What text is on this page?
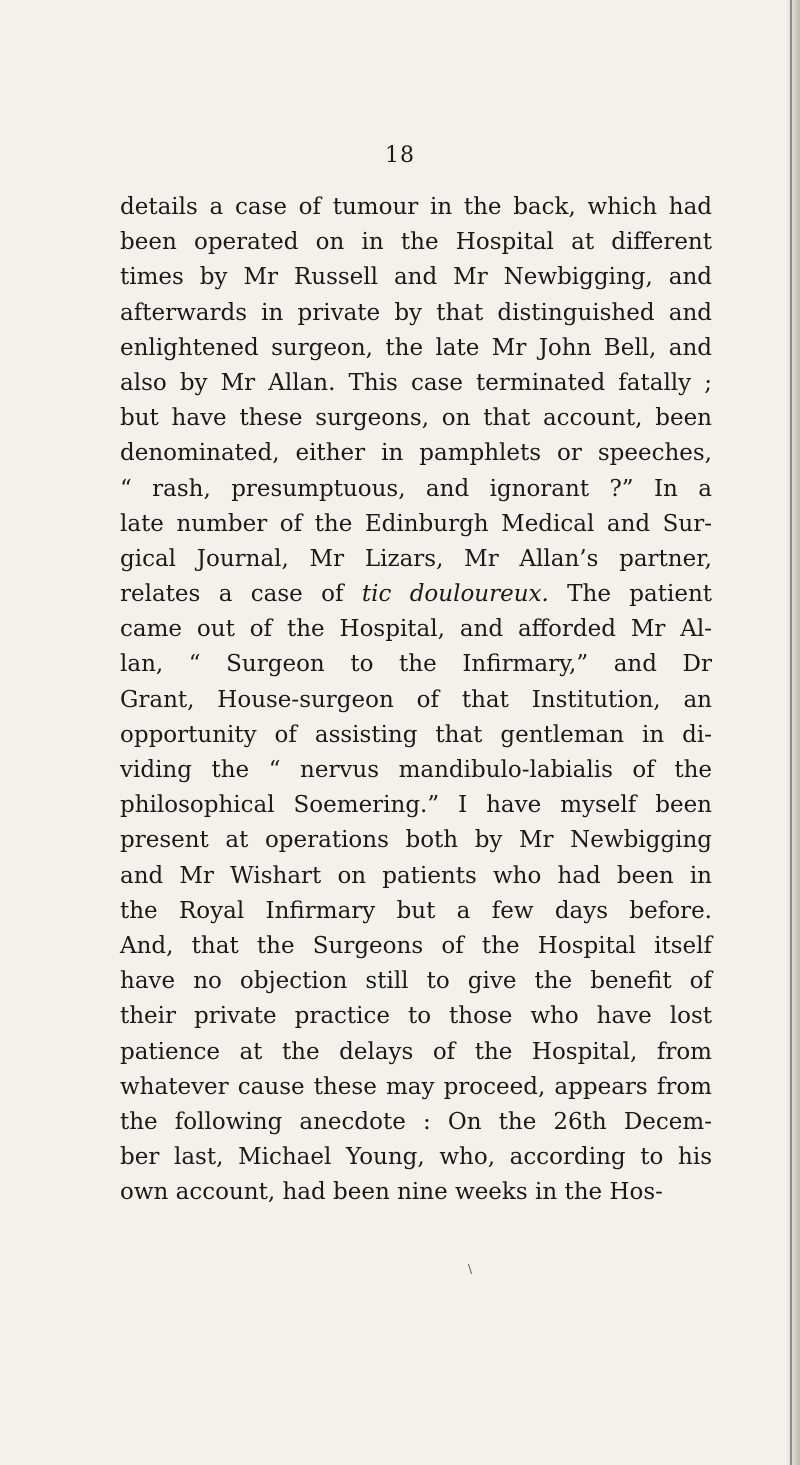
18
details a case of tumour in the back, which had
been operated on in the Hospital at different
times by Mr Russell and Mr Newbigging, and
afterwards in private by that distinguished and
enlightened surgeon, the late Mr John Bell, and
also by Mr Allan. This case terminated fatally ;
but have these surgeons, on that account, been
denominated, either in pamphlets or speeches,
“ rash, presumptuous, and ignorant ?” In a
late number of the Edinburgh Medical and Sur-
gical Journal, Mr Lizars, Mr Allan’s partner,
relates a case of tic douloureux. The patient
came out of the Hospital, and afforded Mr Al-
lan, “ Surgeon to the Infirmary,” and Dr
Grant, House-surgeon of that Institution, an
opportunity of assisting that gentleman in di-
viding the “ nervus mandibulo-labialis of the
philosophical Soemering.” I have myself been
present at operations both by Mr Newbigging
and Mr Wishart on patients who had been in
the Royal Infirmary but a few days before.
And, that the Surgeons of the Hospital itself
have no objection still to give the benefit of
their private practice to those who have lost
patience at the delays of the Hospital, from
whatever cause these may proceed, appears from
the following anecdote : On the 26th Decem-
ber last, Michael Young, who, according to his
own account, had been nine weeks in the Hos-
\
